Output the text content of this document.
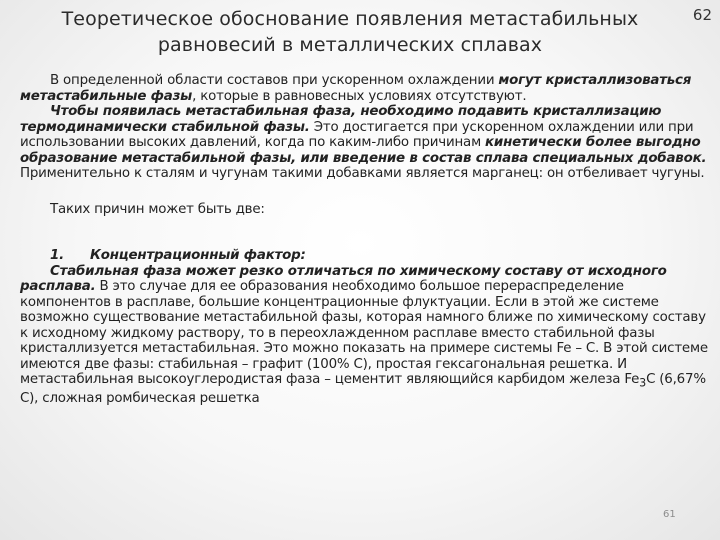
Теоретическое обоснование появления метастабильных равновесий в металлических сплавах
62

В определенной области составов при ускоренном охлаждении могут кристаллизоваться метастабильные фазы, которые в равновесных условиях отсутствуют.

Чтобы появилась метастабильная фаза, необходимо подавить кристаллизацию термодинамически стабильной фазы. Это достигается при ускоренном охлаждении или при использовании высоких давлений, когда по каким-либо причинам кинетически более выгодно образование метастабильной фазы, или введение в состав сплава специальных добавок. Применительно к сталям и чугунам такими добавками является марганец: он отбеливает чугуны.

Таких причин может быть две:

1. Концентрационный фактор:

Стабильная фаза может резко отличаться по химическому составу от исходного расплава. В это случае для ее образования необходимо большое перераспределение компонентов в расплаве, большие концентрационные флуктуации. Если в этой же системе возможно существование метастабильной фазы, которая намного ближе по химическому составу к исходному жидкому раствору, то в переохлажденном расплаве вместо стабильной фазы кристаллизуется метастабильная. Это можно показать на примере системы Fe – C. В этой системе имеются две фазы: стабильная – графит (100% С), простая гексагональная решетка. И метастабильная высокоуглеродистая фаза – цементит являющийся карбидом железа $Fe_3C$ (6,67% C), сложная ромбическая решетка

61
